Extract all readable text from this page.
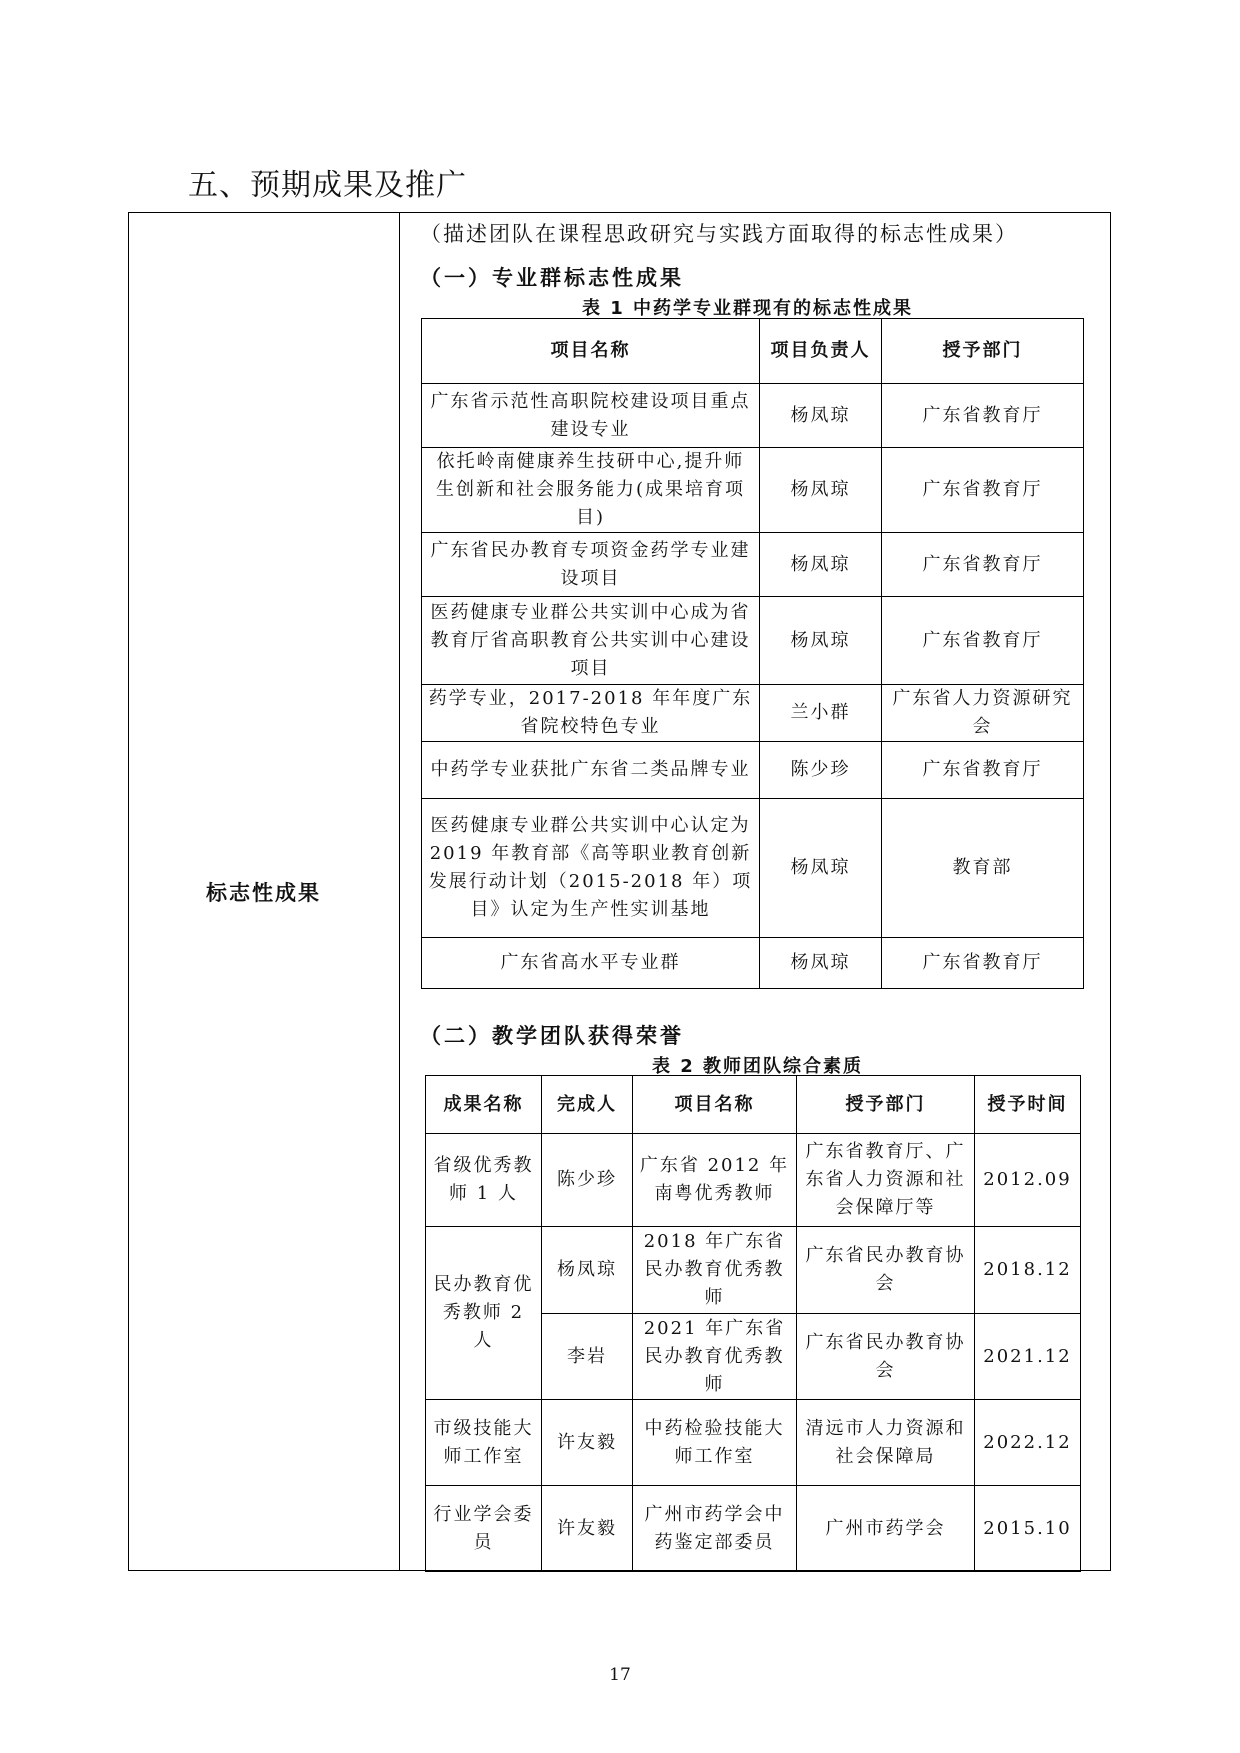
五、预期成果及推广
标志性成果
（描述团队在课程思政研究与实践方面取得的标志性成果）
（一）专业群标志性成果
表 1 中药学专业群现有的标志性成果
项目名称	项目负责人	授予部门
广东省示范性高职院校建设项目重点建设专业	杨凤琼	广东省教育厅
依托岭南健康养生技研中心,提升师生创新和社会服务能力(成果培育项目)	杨凤琼	广东省教育厅
广东省民办教育专项资金药学专业建设项目	杨凤琼	广东省教育厅
医药健康专业群公共实训中心成为省教育厅省高职教育公共实训中心建设项目	杨凤琼	广东省教育厅
药学专业，2017-2018 年年度广东省院校特色专业	兰小群	广东省人力资源研究会
中药学专业获批广东省二类品牌专业	陈少珍	广东省教育厅
医药健康专业群公共实训中心认定为 2019 年教育部《高等职业教育创新发展行动计划（2015-2018 年）项目》认定为生产性实训基地	杨凤琼	教育部
广东省高水平专业群	杨凤琼	广东省教育厅
（二）教学团队获得荣誉
表 2 教师团队综合素质
成果名称	完成人	项目名称	授予部门	授予时间
省级优秀教师 1 人	陈少珍	广东省 2012 年南粤优秀教师	广东省教育厅、广东省人力资源和社会保障厅等	2012.09
民办教育优秀教师 2 人	杨凤琼	2018 年广东省民办教育优秀教师	广东省民办教育协会	2018.12
	李岩	2021 年广东省民办教育优秀教师	广东省民办教育协会	2021.12
市级技能大师工作室	许友毅	中药检验技能大师工作室	清远市人力资源和社会保障局	2022.12
行业学会委员	许友毅	广州市药学会中药鉴定部委员	广州市药学会	2015.10
17
